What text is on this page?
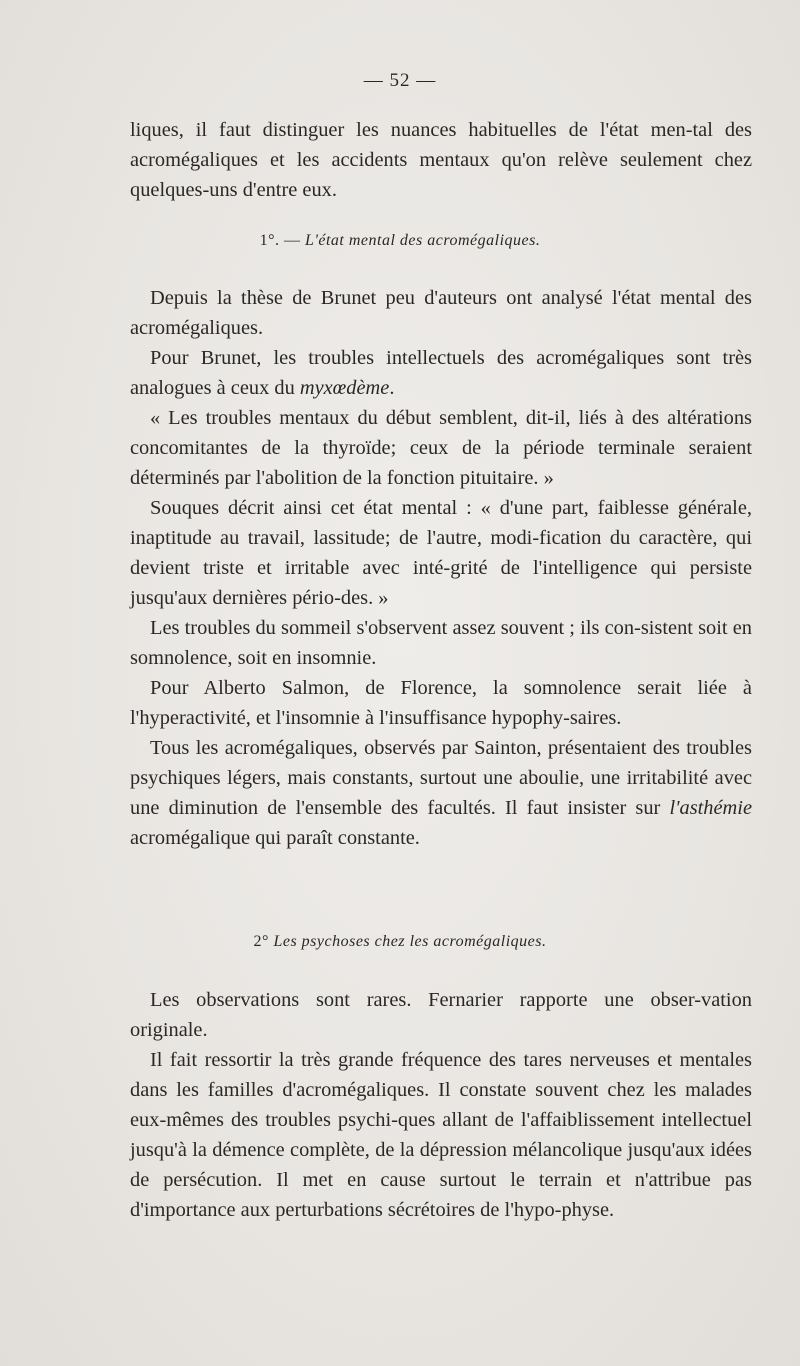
— 52 —

liques, il faut distinguer les nuances habituelles de l'état men-tal des acromégaliques et les accidents mentaux qu'on relève seulement chez quelques-uns d'entre eux.

1°. — L'état mental des acromégaliques.

Depuis la thèse de Brunet peu d'auteurs ont analysé l'état mental des acromégaliques.

Pour Brunet, les troubles intellectuels des acromégaliques sont très analogues à ceux du myxœdème.

« Les troubles mentaux du début semblent, dit-il, liés à des altérations concomitantes de la thyroïde; ceux de la période terminale seraient déterminés par l'abolition de la fonction pituitaire. »

Souques décrit ainsi cet état mental : « d'une part, faiblesse générale, inaptitude au travail, lassitude; de l'autre, modi-fication du caractère, qui devient triste et irritable avec inté-grité de l'intelligence qui persiste jusqu'aux dernières pério-des. »

Les troubles du sommeil s'observent assez souvent ; ils con-sistent soit en somnolence, soit en insomnie.

Pour Alberto Salmon, de Florence, la somnolence serait liée à l'hyperactivité, et l'insomnie à l'insuffisance hypophy-saires.

Tous les acromégaliques, observés par Sainton, présentaient des troubles psychiques légers, mais constants, surtout une aboulie, une irritabilité avec une diminution de l'ensemble des facultés. Il faut insister sur l'asthémie acromégalique qui paraît constante.

2° Les psychoses chez les acromégaliques.

Les observations sont rares. Fernarier rapporte une obser-vation originale.

Il fait ressortir la très grande fréquence des tares nerveuses et mentales dans les familles d'acromégaliques. Il constate souvent chez les malades eux-mêmes des troubles psychi-ques allant de l'affaiblissement intellectuel jusqu'à la démence complète, de la dépression mélancolique jusqu'aux idées de persécution. Il met en cause surtout le terrain et n'attribue pas d'importance aux perturbations sécrétoires de l'hypo-physe.
